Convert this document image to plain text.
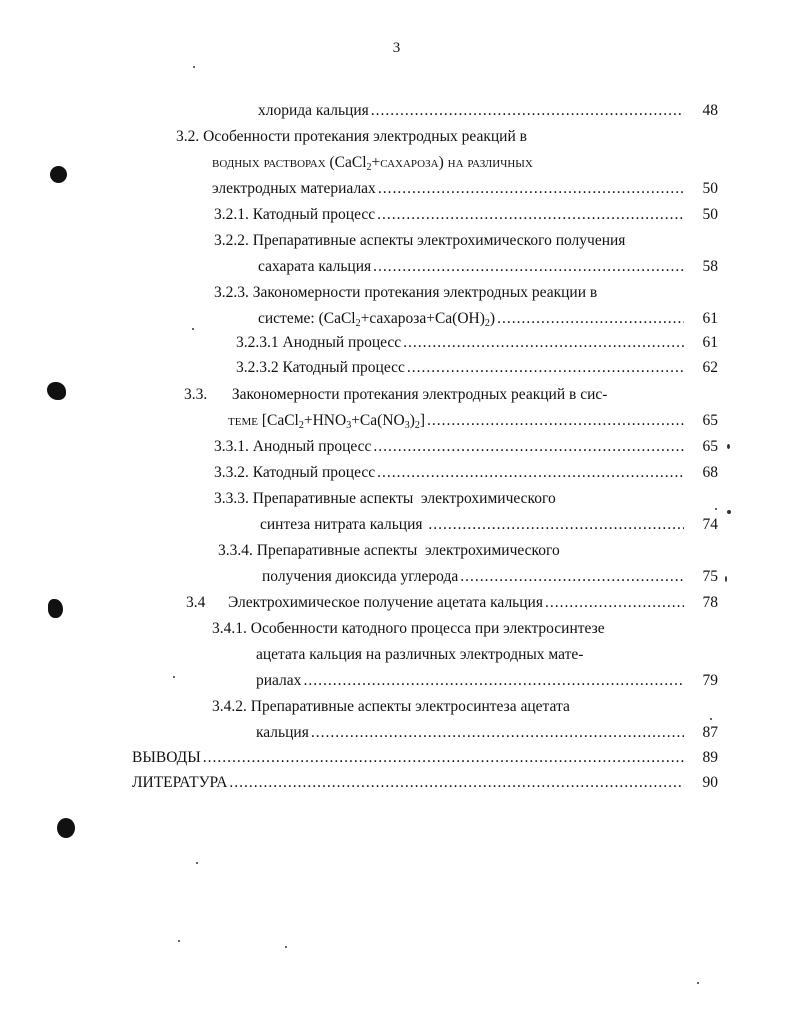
3
хлорида кальция .....	48
3.2. Особенности протекания электродных реакций в
водных растворах (CaCl$_2$+сахароза) на различных
электродных материалах .....	50
3.2.1. Катодный процесс .....	50
3.2.2. Препаративные аспекты электрохимического получения
сахарата кальция .....	58
3.2.3. Закономерности протекания электродных реакции в
системе: $(CaCl_2+сахароза+Ca(OH)_2)$ .....	61
3.2.3.1 Анодный процесс .....	61
3.2.3.2 Катодный процесс .....	62
3.3. Закономерности протекания электродных реакций в сис-
теме $[CaCl_2+HNO_3+Ca(NO_3)_2]$ .....	65
3.3.1. Анодный процесс .....	65
3.3.2. Катодный процесс .....	68
3.3.3. Препаративные аспекты  электрохимического
синтеза нитрата кальция .....	74
3.3.4. Препаративные аспекты  электрохимического
получения диоксида углерода .....	75
3.4	Электрохимическое получение ацетата кальция .....	78
3.4.1. Особенности катодного процесса при электросинтезе
ацетата кальция на различных электродных мате-
риалах .....	79
3.4.2. Препаративные аспекты электросинтеза ацетата
кальция .....	87
ВЫВОДЫ .....	89
ЛИТЕРАТУРА .....	90
